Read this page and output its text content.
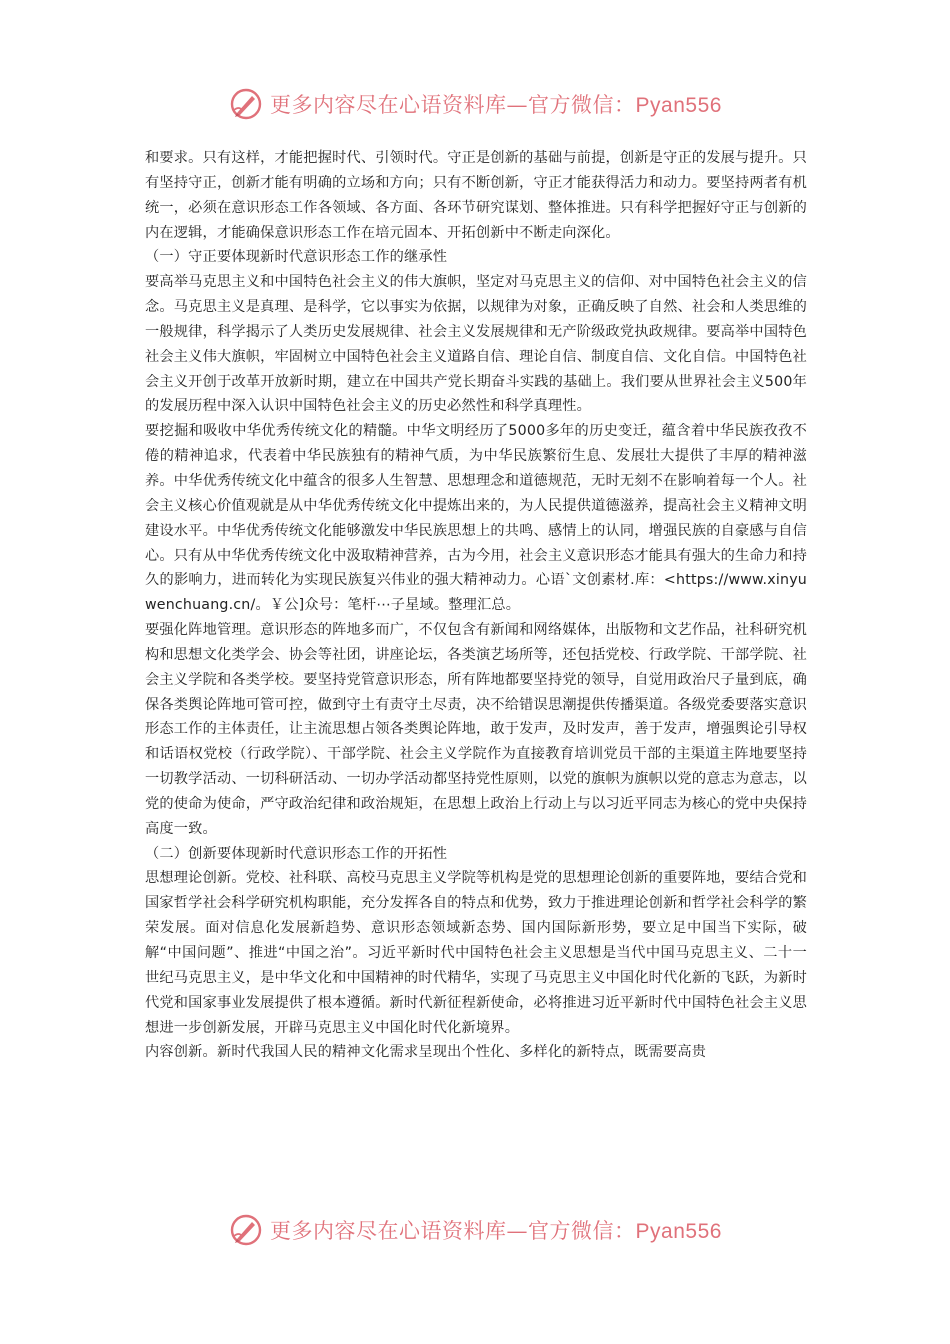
更多内容尽在心语资料库—官方微信：Pyan556

和要求。只有这样，才能把握时代、引领时代。守正是创新的基础与前提，创新是守正的发展与提升。只有坚持守正，创新才能有明确的立场和方向；只有不断创新，守正才能获得活力和动力。要坚持两者有机统一，必须在意识形态工作各领域、各方面、各环节研究谋划、整体推进。只有科学把握好守正与创新的内在逻辑，才能确保意识形态工作在培元固本、开拓创新中不断走向深化。

（一）守正要体现新时代意识形态工作的继承性

要高举马克思主义和中国特色社会主义的伟大旗帜，坚定对马克思主义的信仰、对中国特色社会主义的信念。马克思主义是真理、是科学，它以事实为依据，以规律为对象，正确反映了自然、社会和人类思维的一般规律，科学揭示了人类历史发展规律、社会主义发展规律和无产阶级政党执政规律。要高举中国特色社会主义伟大旗帜，牢固树立中国特色社会主义道路自信、理论自信、制度自信、文化自信。中国特色社会主义开创于改革开放新时期，建立在中国共产党长期奋斗实践的基础上。我们要从世界社会主义500年的发展历程中深入认识中国特色社会主义的历史必然性和科学真理性。

要挖掘和吸收中华优秀传统文化的精髓。中华文明经历了5000多年的历史变迁，蕴含着中华民族孜孜不倦的精神追求，代表着中华民族独有的精神气质，为中华民族繁衍生息、发展壮大提供了丰厚的精神滋养。中华优秀传统文化中蕴含的很多人生智慧、思想理念和道德规范，无时无刻不在影响着每一个人。社会主义核心价值观就是从中华优秀传统文化中提炼出来的，为人民提供道德滋养，提高社会主义精神文明建设水平。中华优秀传统文化能够激发中华民族思想上的共鸣、感情上的认同，增强民族的自豪感与自信心。只有从中华优秀传统文化中汲取精神营养，古为今用，社会主义意识形态才能具有强大的生命力和持久的影响力，进而转化为实现民族复兴伟业的强大精神动力。心语`文创素材.库：<https://www.xinyuwenchuang.cn/。￥公]众号：笔杆⋯子星域。整理汇总。

要强化阵地管理。意识形态的阵地多而广，不仅包含有新闻和网络媒体，出版物和文艺作品，社科研究机构和思想文化类学会、协会等社团，讲座论坛，各类演艺场所等，还包括党校、行政学院、干部学院、社会主义学院和各类学校。要坚持党管意识形态，所有阵地都要坚持党的领导，自觉用政治尺子量到底，确保各类舆论阵地可管可控，做到守土有责守土尽责，决不给错误思潮提供传播渠道。各级党委要落实意识形态工作的主体责任，让主流思想占领各类舆论阵地，敢于发声，及时发声，善于发声，增强舆论引导权和话语权党校（行政学院）、干部学院、社会主义学院作为直接教育培训党员干部的主渠道主阵地要坚持一切教学活动、一切科研活动、一切办学活动都坚持党性原则，以党的旗帜为旗帜以党的意志为意志，以党的使命为使命，严守政治纪律和政治规矩，在思想上政治上行动上与以习近平同志为核心的党中央保持高度一致。

（二）创新要体现新时代意识形态工作的开拓性

思想理论创新。党校、社科联、高校马克思主义学院等机构是党的思想理论创新的重要阵地，要结合党和国家哲学社会科学研究机构职能，充分发挥各自的特点和优势，致力于推进理论创新和哲学社会科学的繁荣发展。面对信息化发展新趋势、意识形态领域新态势、国内国际新形势，要立足中国当下实际，破解“中国问题”、推进“中国之治”。习近平新时代中国特色社会主义思想是当代中国马克思主义、二十一世纪马克思主义，是中华文化和中国精神的时代精华，实现了马克思主义中国化时代化新的飞跃，为新时代党和国家事业发展提供了根本遵循。新时代新征程新使命，必将推进习近平新时代中国特色社会主义思想进一步创新发展，开辟马克思主义中国化时代化新境界。

内容创新。新时代我国人民的精神文化需求呈现出个性化、多样化的新特点，既需要高贵

更多内容尽在心语资料库—官方微信：Pyan556
